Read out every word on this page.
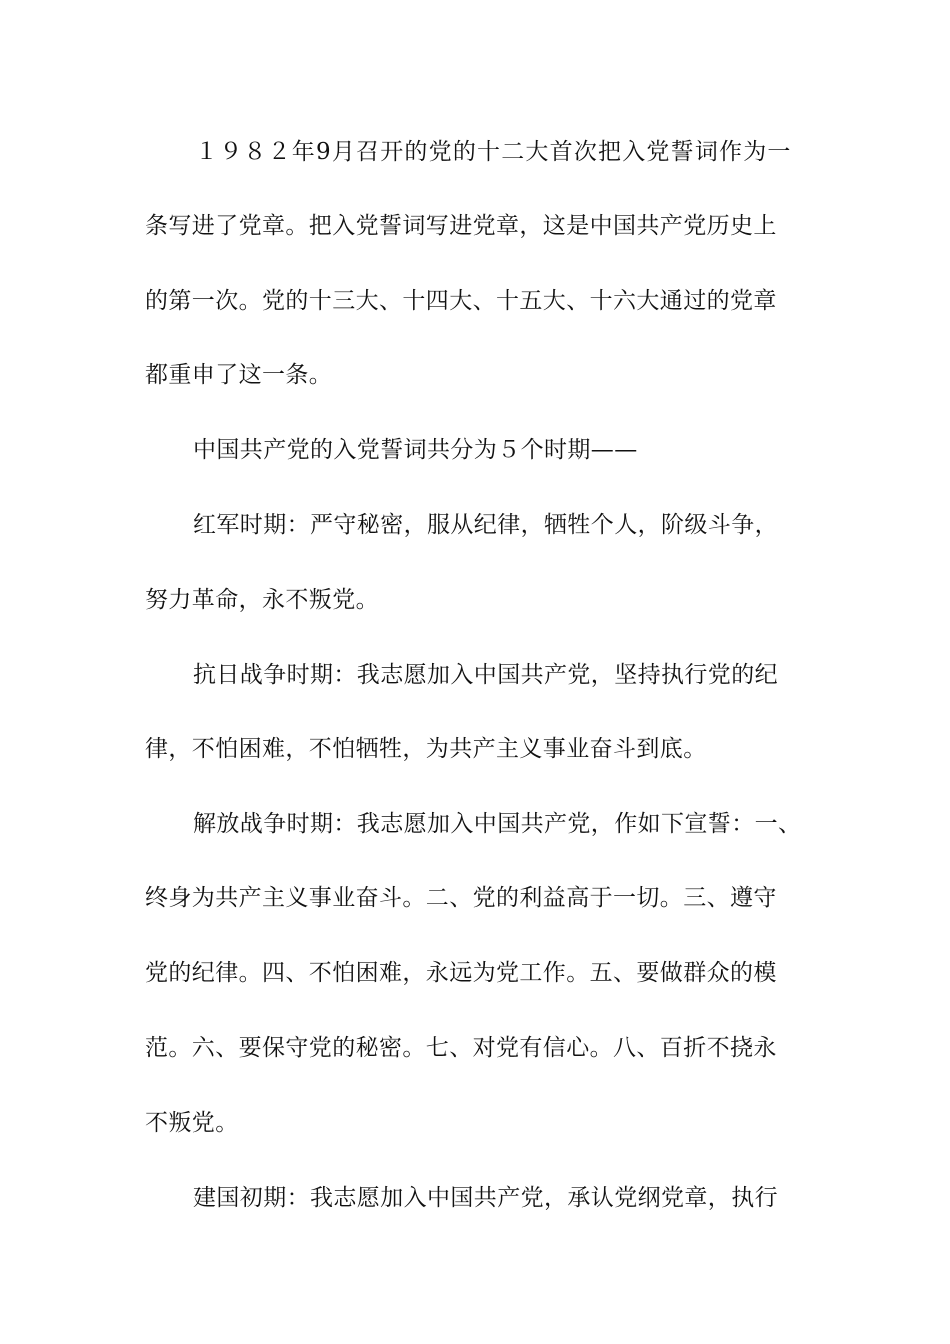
１９８２年9月召开的党的十二大首次把入党誓词作为一

条写进了党章。把入党誓词写进党章，这是中国共产党历史上

的第一次。党的十三大、十四大、十五大、十六大通过的党章

都重申了这一条。

中国共产党的入党誓词共分为５个时期——

红军时期：严守秘密，服从纪律，牺牲个人，阶级斗争，

努力革命，永不叛党。

抗日战争时期：我志愿加入中国共产党，坚持执行党的纪

律，不怕困难，不怕牺牲，为共产主义事业奋斗到底。

解放战争时期：我志愿加入中国共产党，作如下宣誓：一、

终身为共产主义事业奋斗。二、党的利益高于一切。三、遵守

党的纪律。四、不怕困难，永远为党工作。五、要做群众的模

范。六、要保守党的秘密。七、对党有信心。八、百折不挠永

不叛党。

建国初期：我志愿加入中国共产党，承认党纲党章，执行
